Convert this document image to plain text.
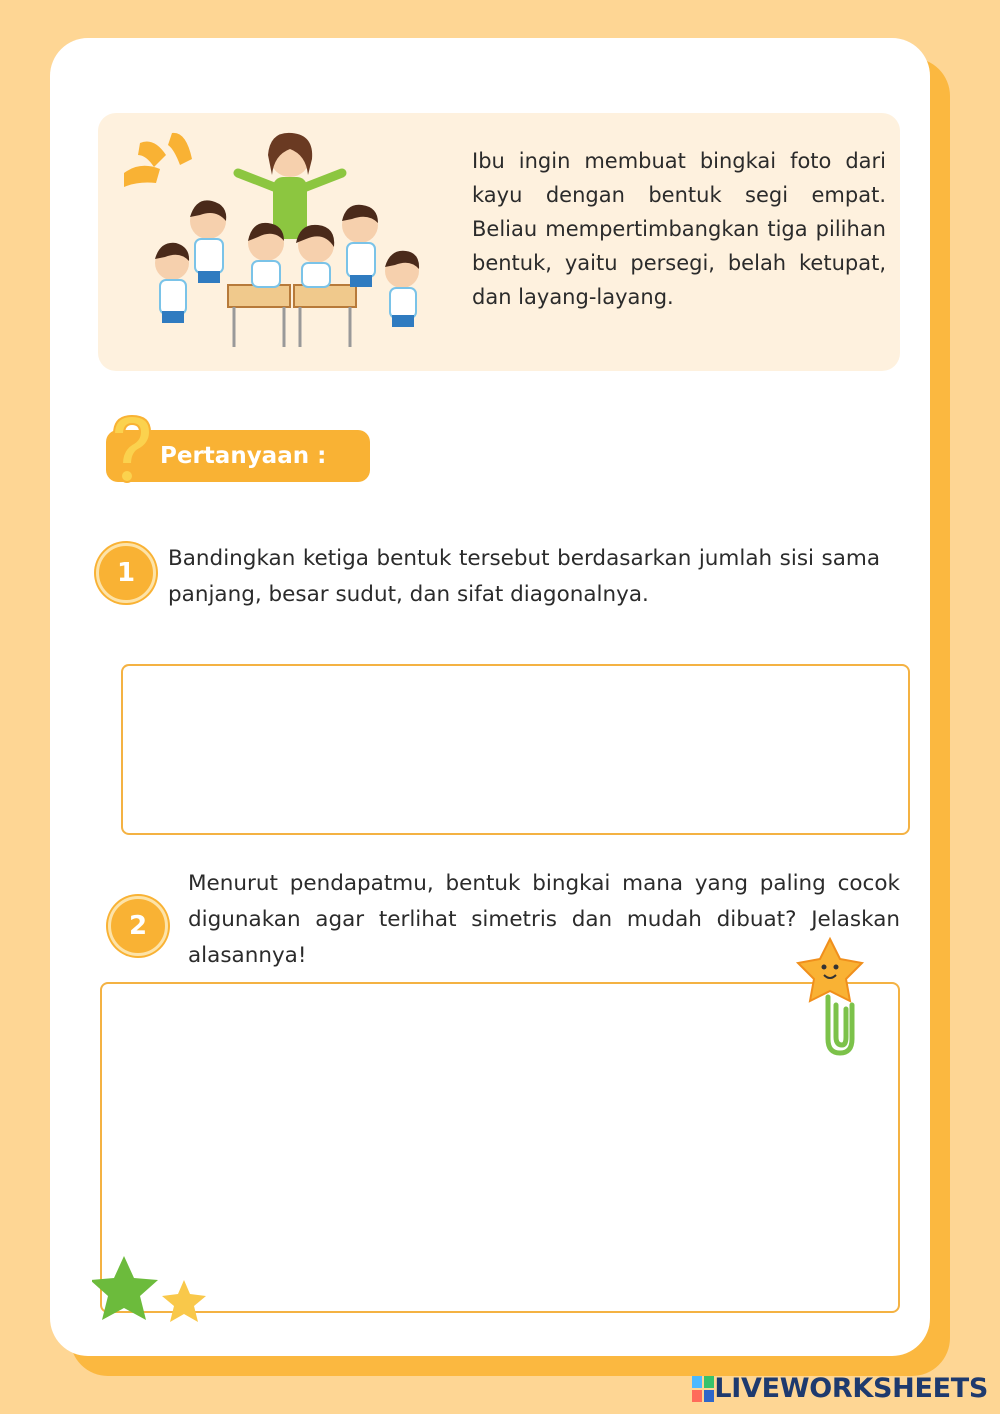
Ibu ingin membuat bingkai foto dari kayu dengan bentuk segi empat. Beliau mempertimbangkan tiga pilihan bentuk, yaitu persegi, belah ketupat, dan layang-layang.

Pertanyaan :

1	Bandingkan ketiga bentuk tersebut berdasarkan jumlah sisi sama panjang, besar sudut, dan sifat diagonalnya.

2

Menurut pendapatmu, bentuk bingkai mana yang paling cocok digunakan agar terlihat simetris dan mudah dibuat? Jelaskan alasannya!

LIVEWORKSHEETS
